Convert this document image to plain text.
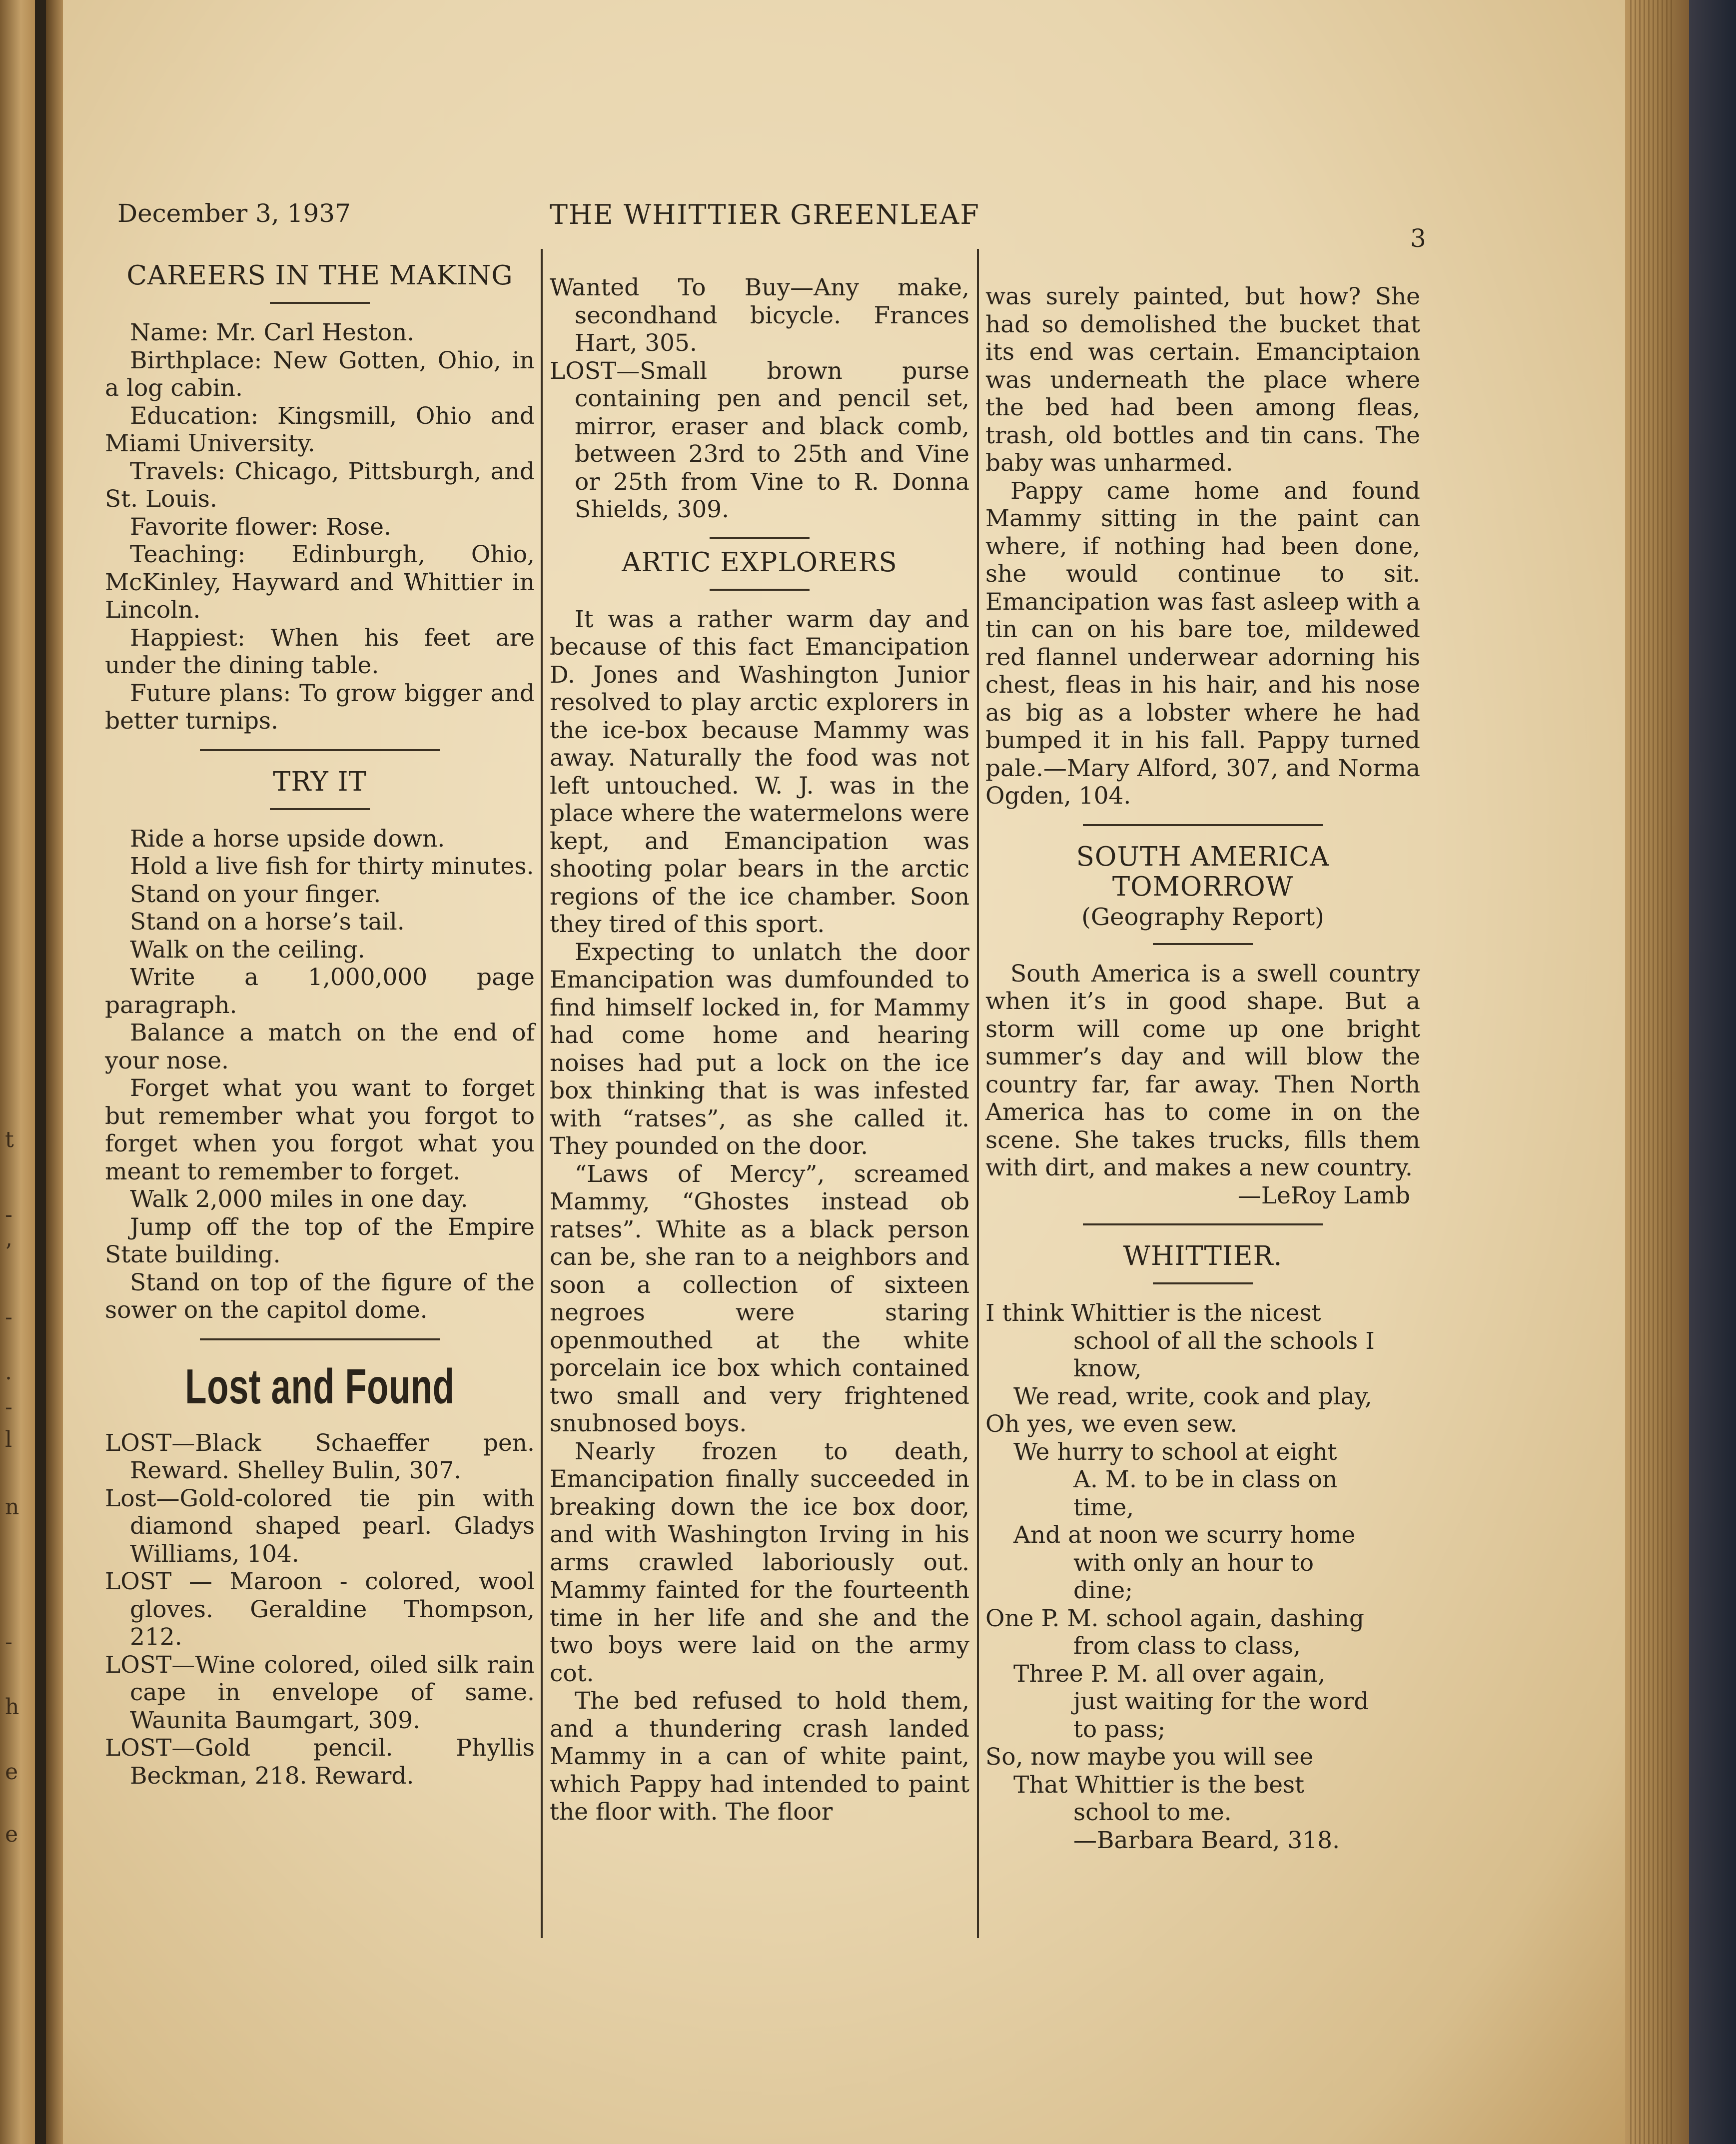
t
-
’
-
.
-
l
n
-
h
e
e
December 3, 1937	THE WHITTIER GREENLEAF
3
CAREERS IN THE MAKING

Name: Mr. Carl Heston.

Birthplace: New Gotten, Ohio, in a log cabin.

Education: Kingsmill, Ohio and Miami University.

Travels: Chicago, Pittsburgh, and St. Louis.

Favorite flower: Rose.

Teaching: Edinburgh, Ohio, McKinley, Hayward and Whittier in Lincoln.

Happiest: When his feet are under the dining table.

Future plans: To grow bigger and better turnips.

TRY IT

Ride a horse upside down.

Hold a live fish for thirty minutes.

Stand on your finger.

Stand on a horse’s tail.

Walk on the ceiling.

Write a 1,000,000 page paragraph.

Balance a match on the end of your nose.

Forget what you want to forget but remember what you forgot to forget when you forgot what you meant to remember to forget.

Walk 2,000 miles in one day.

Jump off the top of the Empire State building.

Stand on top of the figure of the sower on the capitol dome.

Lost and Found

LOST—Black Schaeffer pen. Reward. Shelley Bulin, 307.

Lost—Gold-colored tie pin with diamond shaped pearl. Gladys Williams, 104.

LOST — Maroon - colored, wool gloves. Geraldine Thompson, 212.

LOST—Wine colored, oiled silk rain cape in envelope of same. Waunita Baumgart, 309.

LOST—Gold pencil. Phyllis Beckman, 218. Reward.

Wanted To Buy—Any make, secondhand bicycle. Frances Hart, 305.

LOST—Small brown purse containing pen and pencil set, mirror, eraser and black comb, between 23rd to 25th and Vine or 25th from Vine to R. Donna Shields, 309.

ARTIC EXPLORERS

It was a rather warm day and because of this fact Emancipation D. Jones and Washington Junior resolved to play arctic explorers in the ice-box because Mammy was away. Naturally the food was not left untouched. W. J. was in the place where the watermelons were kept, and Emancipation was shooting polar bears in the arctic regions of the ice chamber. Soon they tired of this sport.

Expecting to unlatch the door Emancipation was dumfounded to find himself locked in, for Mammy had come home and hearing noises had put a lock on the ice box thinking that is was infested with “ratses”, as she called it. They pounded on the door.

“Laws of Mercy”, screamed Mammy, “Ghostes instead ob ratses”. White as a black person can be, she ran to a neighbors and soon a collection of sixteen negroes were staring openmouthed at the white porcelain ice box which contained two small and very frightened snubnosed boys.

Nearly frozen to death, Emancipation finally succeeded in breaking down the ice box door, and with Washington Irving in his arms crawled laboriously out. Mammy fainted for the fourteenth time in her life and she and the two boys were laid on the army cot.

The bed refused to hold them, and a thundering crash landed Mammy in a can of white paint, which Pappy had intended to paint the floor with. The floor

was surely painted, but how? She had so demolished the bucket that its end was certain. Emanciptaion was underneath the place where the bed had been among fleas, trash, old bottles and tin cans. The baby was unharmed.

Pappy came home and found Mammy sitting in the paint can where, if nothing had been done, she would continue to sit. Emancipation was fast asleep with a tin can on his bare toe, mildewed red flannel underwear adorning his chest, fleas in his hair, and his nose as big as a lobster where he had bumped it in his fall. Pappy turned pale.—Mary Alford, 307, and Norma Ogden, 104.

SOUTH AMERICA TOMORROW
(Geography Report)

South America is a swell country when it’s in good shape. But a storm will come up one bright summer’s day and will blow the country far, far away. Then North America has to come in on the scene. She takes trucks, fills them with dirt, and makes a new country.

—LeRoy Lamb

WHITTIER.

I think Whittier is the nicest

school of all the schools I

know,

We read, write, cook and play,

Oh yes, we even sew.

We hurry to school at eight

A. M. to be in class on

time,

And at noon we scurry home

with only an hour to

dine;

One P. M. school again, dashing

from class to class,

Three P. M. all over again,

just waiting for the word

to pass;

So, now maybe you will see

That Whittier is the best

school to me.

—Barbara Beard, 318.
